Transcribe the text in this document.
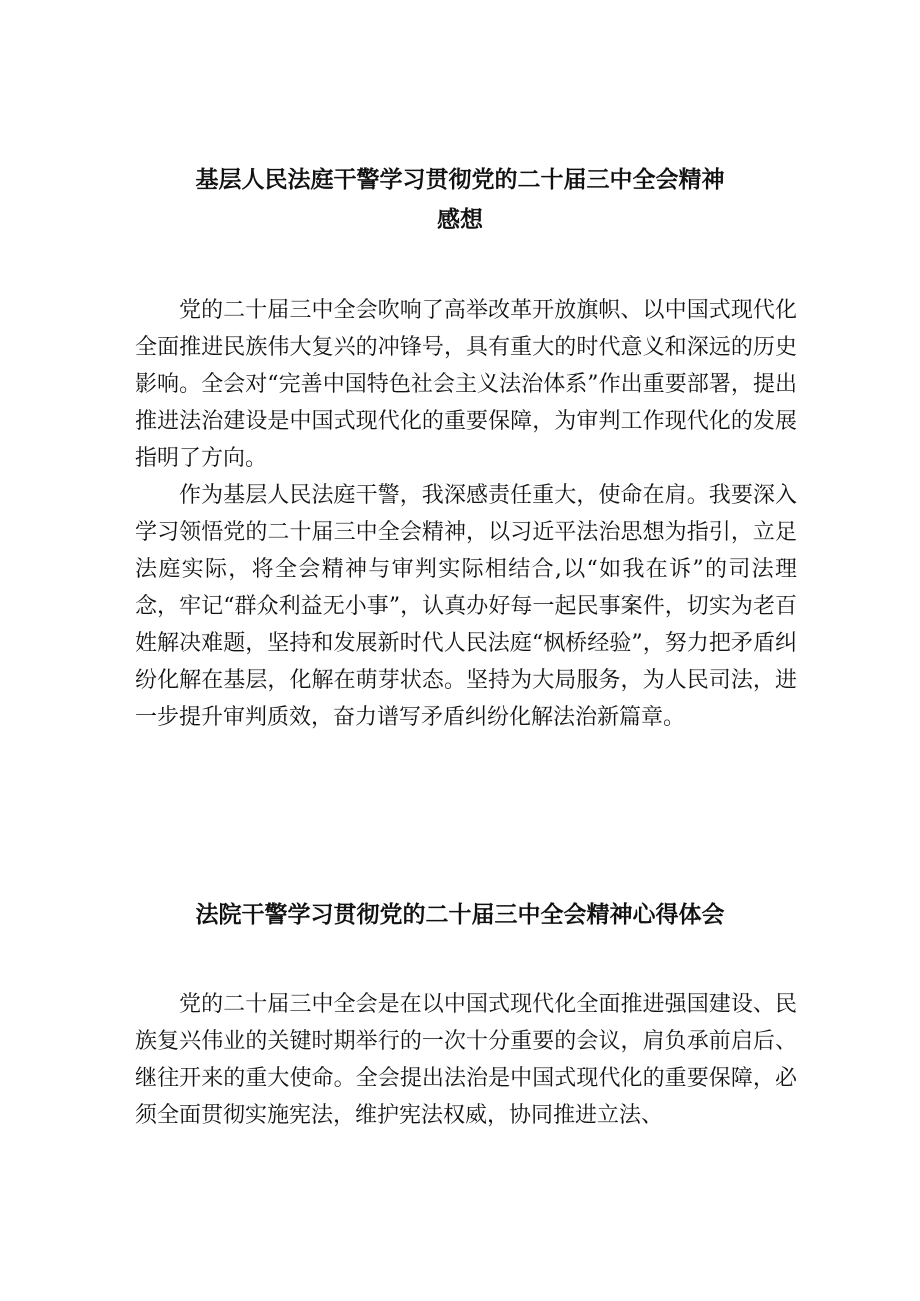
基层人民法庭干警学习贯彻党的二十届三中全会精神
感想

党的二十届三中全会吹响了高举改革开放旗帜、以中国式现代化全面推进民族伟大复兴的冲锋号，具有重大的时代意义和深远的历史影响。全会对“完善中国特色社会主义法治体系”作出重要部署，提出推进法治建设是中国式现代化的重要保障，为审判工作现代化的发展指明了方向。

作为基层人民法庭干警，我深感责任重大，使命在肩。我要深入学习领悟党的二十届三中全会精神，以习近平法治思想为指引，立足法庭实际，将全会精神与审判实际相结合,以“如我在诉”的司法理念，牢记“群众利益无小事”，认真办好每一起民事案件，切实为老百姓解决难题，坚持和发展新时代人民法庭“枫桥经验”，努力把矛盾纠纷化解在基层，化解在萌芽状态。坚持为大局服务，为人民司法，进一步提升审判质效，奋力谱写矛盾纠纷化解法治新篇章。

法院干警学习贯彻党的二十届三中全会精神心得体会

党的二十届三中全会是在以中国式现代化全面推进强国建设、民族复兴伟业的关键时期举行的一次十分重要的会议，肩负承前启后、继往开来的重大使命。全会提出法治是中国式现代化的重要保障，必须全面贯彻实施宪法，维护宪法权威，协同推进立法、
